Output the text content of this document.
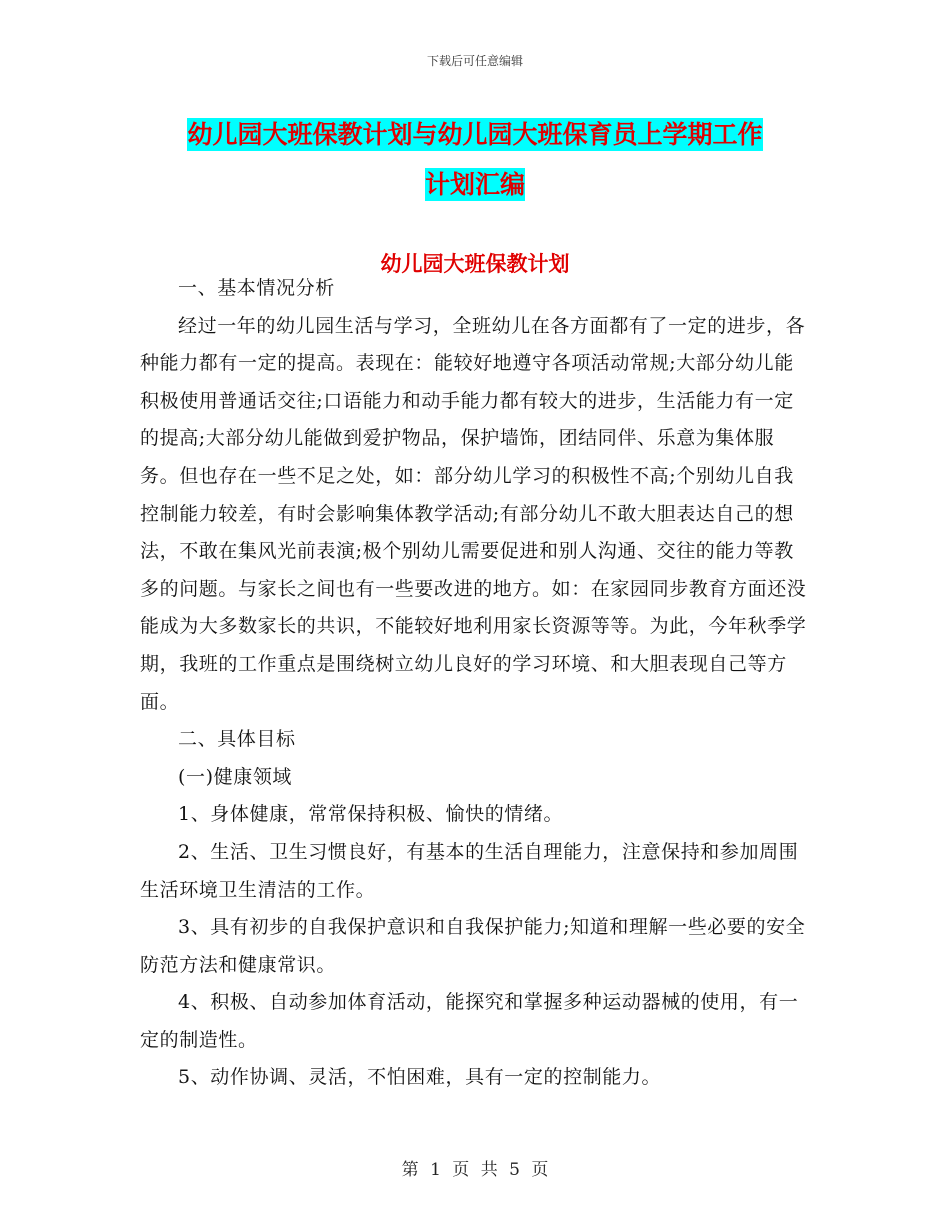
下载后可任意编辑
幼儿园大班保教计划与幼儿园大班保育员上学期工作
计划汇编
幼儿园大班保教计划

一、基本情况分析

经过一年的幼儿园生活与学习，全班幼儿在各方面都有了一定的进步，各种能力都有一定的提高。表现在：能较好地遵守各项活动常规;大部分幼儿能积极使用普通话交往;口语能力和动手能力都有较大的进步，生活能力有一定的提高;大部分幼儿能做到爱护物品，保护墙饰，团结同伴、乐意为集体服务。但也存在一些不足之处，如：部分幼儿学习的积极性不高;个别幼儿自我控制能力较差，有时会影响集体教学活动;有部分幼儿不敢大胆表达自己的想法，不敢在集风光前表演;极个别幼儿需要促进和别人沟通、交往的能力等教多的问题。与家长之间也有一些要改进的地方。如：在家园同步教育方面还没能成为大多数家长的共识，不能较好地利用家长资源等等。为此，今年秋季学期，我班的工作重点是围绕树立幼儿良好的学习环境、和大胆表现自己等方面。

二、具体目标

(一)健康领域

1、身体健康，常常保持积极、愉快的情绪。

2、生活、卫生习惯良好，有基本的生活自理能力，注意保持和参加周围生活环境卫生清洁的工作。

3、具有初步的自我保护意识和自我保护能力;知道和理解一些必要的安全防范方法和健康常识。

4、积极、自动参加体育活动，能探究和掌握多种运动器械的使用，有一定的制造性。

5、动作协调、灵活，不怕困难，具有一定的控制能力。

第 1 页 共 5 页
